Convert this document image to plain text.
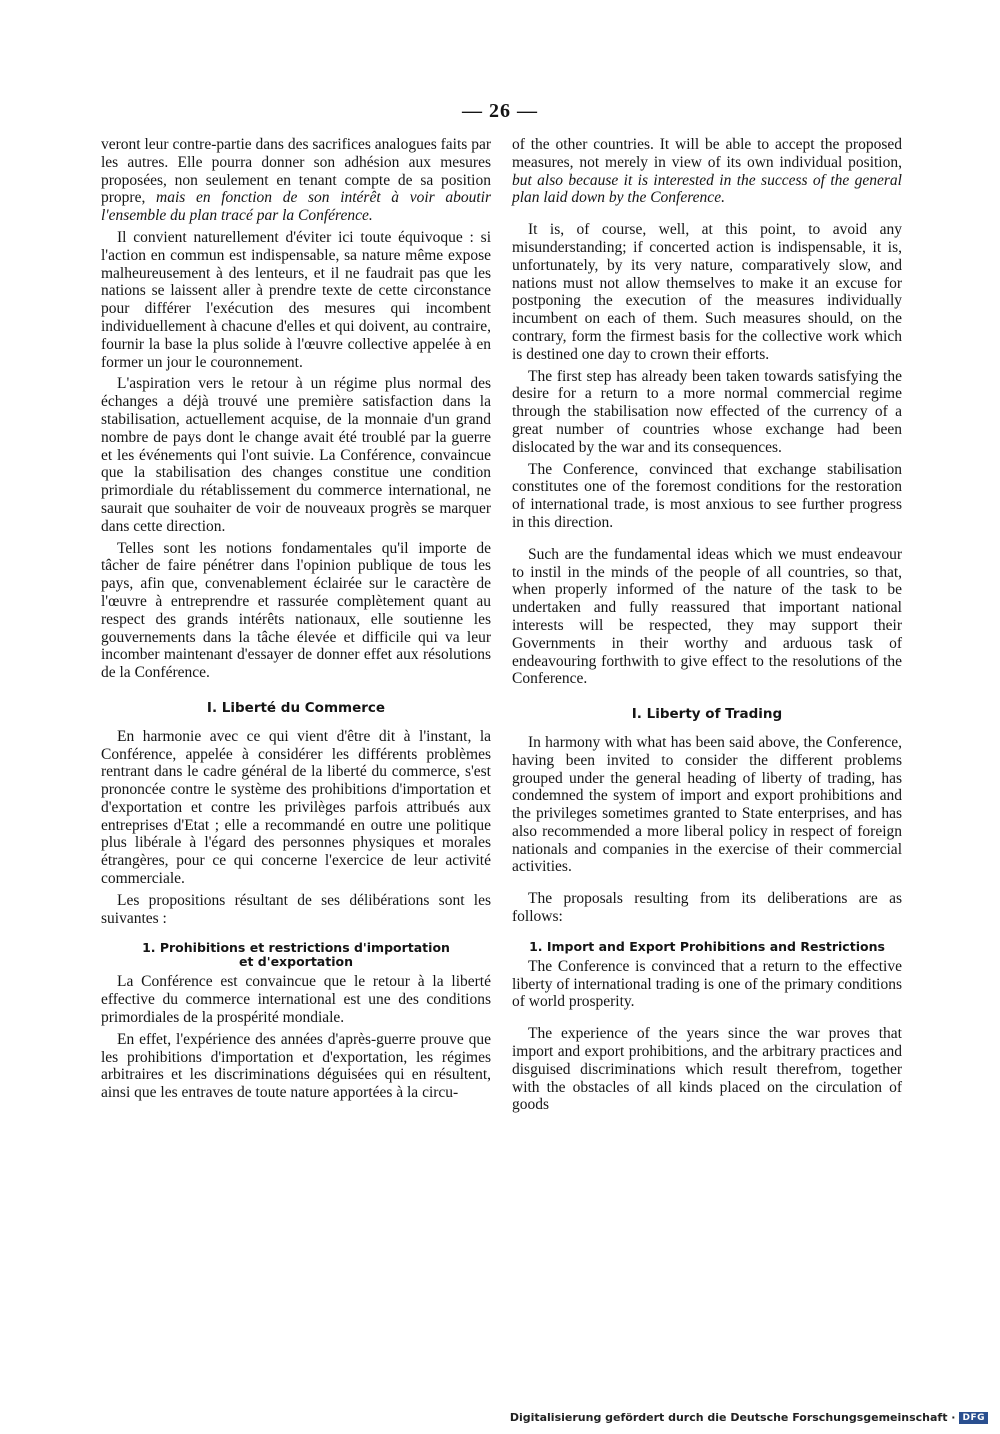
— 26 —

veront leur contre-partie dans des sacrifices analogues faits par les autres. Elle pourra donner son adhésion aux mesures proposées, non seulement en tenant compte de sa position propre, mais en fonction de son intérêt à voir aboutir l'ensemble du plan tracé par la Conférence.

Il convient naturellement d'éviter ici toute équivoque : si l'action en commun est indispensable, sa nature même expose malheureusement à des lenteurs, et il ne faudrait pas que les nations se laissent aller à prendre texte de cette circonstance pour différer l'exécution des mesures qui incombent individuellement à chacune d'elles et qui doivent, au contraire, fournir la base la plus solide à l'œuvre collective appelée à en former un jour le couronnement.

L'aspiration vers le retour à un régime plus normal des échanges a déjà trouvé une première satisfaction dans la stabilisation, actuellement acquise, de la monnaie d'un grand nombre de pays dont le change avait été troublé par la guerre et les événements qui l'ont suivie. La Conférence, convaincue que la stabilisation des changes constitue une condition primordiale du rétablissement du commerce international, ne saurait que souhaiter de voir de nouveaux progrès se marquer dans cette direction.

Telles sont les notions fondamentales qu'il importe de tâcher de faire pénétrer dans l'opinion publique de tous les pays, afin que, convenablement éclairée sur le caractère de l'œuvre à entreprendre et rassurée complètement quant au respect des grands intérêts nationaux, elle soutienne les gouvernements dans la tâche élevée et difficile qui va leur incomber maintenant d'essayer de donner effet aux résolutions de la Conférence.

I. Liberté du Commerce

En harmonie avec ce qui vient d'être dit à l'instant, la Conférence, appelée à considérer les différents problèmes rentrant dans le cadre général de la liberté du commerce, s'est prononcée contre le système des prohibitions d'importation et d'exportation et contre les privilèges parfois attribués aux entreprises d'Etat ; elle a recommandé en outre une politique plus libérale à l'égard des personnes physiques et morales étrangères, pour ce qui concerne l'exercice de leur activité commerciale.

Les propositions résultant de ses délibérations sont les suivantes :

1. Prohibitions et restrictions d'importation
et d'exportation

La Conférence est convaincue que le retour à la liberté effective du commerce international est une des conditions primordiales de la prospérité mondiale.

En effet, l'expérience des années d'après-guerre prouve que les prohibitions d'importation et d'exportation, les régimes arbitraires et les discriminations déguisées qui en résultent, ainsi que les entraves de toute nature apportées à la circu-

of the other countries. It will be able to accept the proposed measures, not merely in view of its own individual position, but also because it is interested in the success of the general plan laid down by the Conference.

It is, of course, well, at this point, to avoid any misunderstanding; if concerted action is indispensable, it is, unfortunately, by its very nature, comparatively slow, and nations must not allow themselves to make it an excuse for postponing the execution of the measures individually incumbent on each of them. Such measures should, on the contrary, form the firmest basis for the collective work which is destined one day to crown their efforts.

The first step has already been taken towards satisfying the desire for a return to a more normal commercial regime through the stabilisation now effected of the currency of a great number of countries whose exchange had been dislocated by the war and its consequences.

The Conference, convinced that exchange stabilisation constitutes one of the foremost conditions for the restoration of international trade, is most anxious to see further progress in this direction.

Such are the fundamental ideas which we must endeavour to instil in the minds of the people of all countries, so that, when properly informed of the nature of the task to be undertaken and fully reassured that important national interests will be respected, they may support their Governments in their worthy and arduous task of endeavouring forthwith to give effect to the resolutions of the Conference.

I. Liberty of Trading

In harmony with what has been said above, the Conference, having been invited to consider the different problems grouped under the general heading of liberty of trading, has condemned the system of import and export prohibitions and the privileges sometimes granted to State enterprises, and has also recommended a more liberal policy in respect of foreign nationals and companies in the exercise of their commercial activities.

The proposals resulting from its deliberations are as follows:

1. Import and Export Prohibitions and Restrictions

The Conference is convinced that a return to the effective liberty of international trading is one of the primary conditions of world prosperity.

The experience of the years since the war proves that import and export prohibitions, and the arbitrary practices and disguised discriminations which result therefrom, together with the obstacles of all kinds placed on the circulation of goods

Digitalisierung gefördert durch die Deutsche Forschungsgemeinschaft · DFG
